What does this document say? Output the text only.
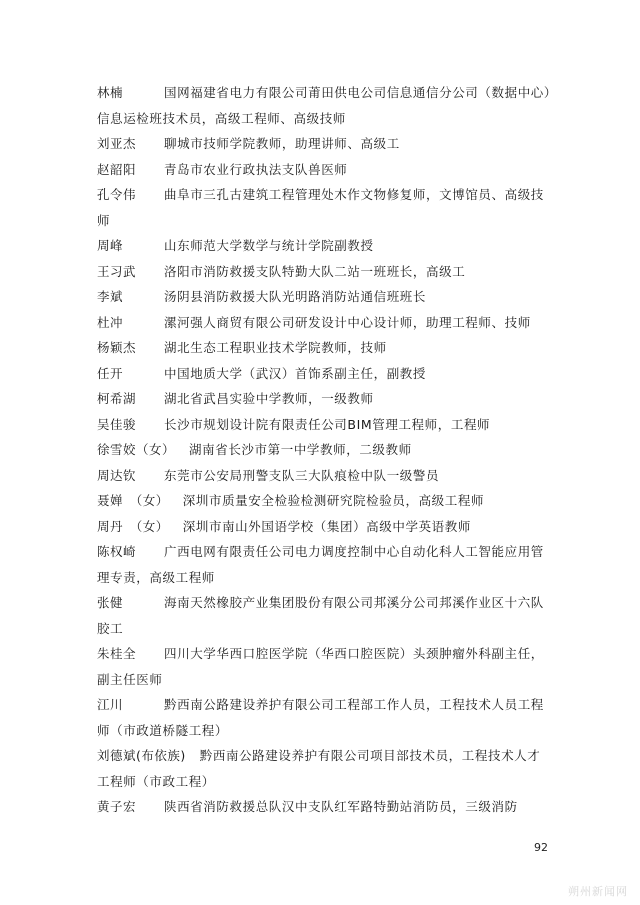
林楠	国网福建省电力有限公司莆田供电公司信息通信分公司（数据中心）信息运检班技术员，高级工程师、高级技师
刘亚杰 聊城市技师学院教师，助理讲师、高级工
赵韶阳 青岛市农业行政执法支队兽医师
孔令伟 曲阜市三孔古建筑工程管理处木作文物修复师，文博馆员、高级技师
周峰	山东师范大学数学与统计学院副教授
王习武 洛阳市消防救援支队特勤大队二站一班班长，高级工
李斌	汤阴县消防救援大队光明路消防站通信班班长
杜冲	漯河强人商贸有限公司研发设计中心设计师，助理工程师、技师
杨颖杰 湖北生态工程职业技术学院教师，技师
任开	中国地质大学（武汉）首饰系副主任，副教授
柯希湖 湖北省武昌实验中学教师，一级教师
吴佳骏 长沙市规划设计院有限责任公司BIM管理工程师，工程师
徐雪姣（女） 湖南省长沙市第一中学教师，二级教师
周达钦 东莞市公安局刑警支队三大队痕检中队一级警员
聂婵　（女） 深圳市质量安全检验检测研究院检验员，高级工程师
周丹　（女） 深圳市南山外国语学校（集团）高级中学英语教师
陈权崎 广西电网有限责任公司电力调度控制中心自动化科人工智能应用管理专责，高级工程师
张健	海南天然橡胶产业集团股份有限公司邦溪分公司邦溪作业区十六队胶工
朱桂全 四川大学华西口腔医学院（华西口腔医院）头颈肿瘤外科副主任，副主任医师
江川	黔西南公路建设养护有限公司工程部工作人员，工程技术人员工程师（市政道桥隧工程）
刘德斌(布依族) 黔西南公路建设养护有限公司项目部技术员，工程技术人才工程师（市政工程）
黄子宏 陕西省消防救援总队汉中支队红军路特勤站消防员，三级消防
92
朔州新闻网
